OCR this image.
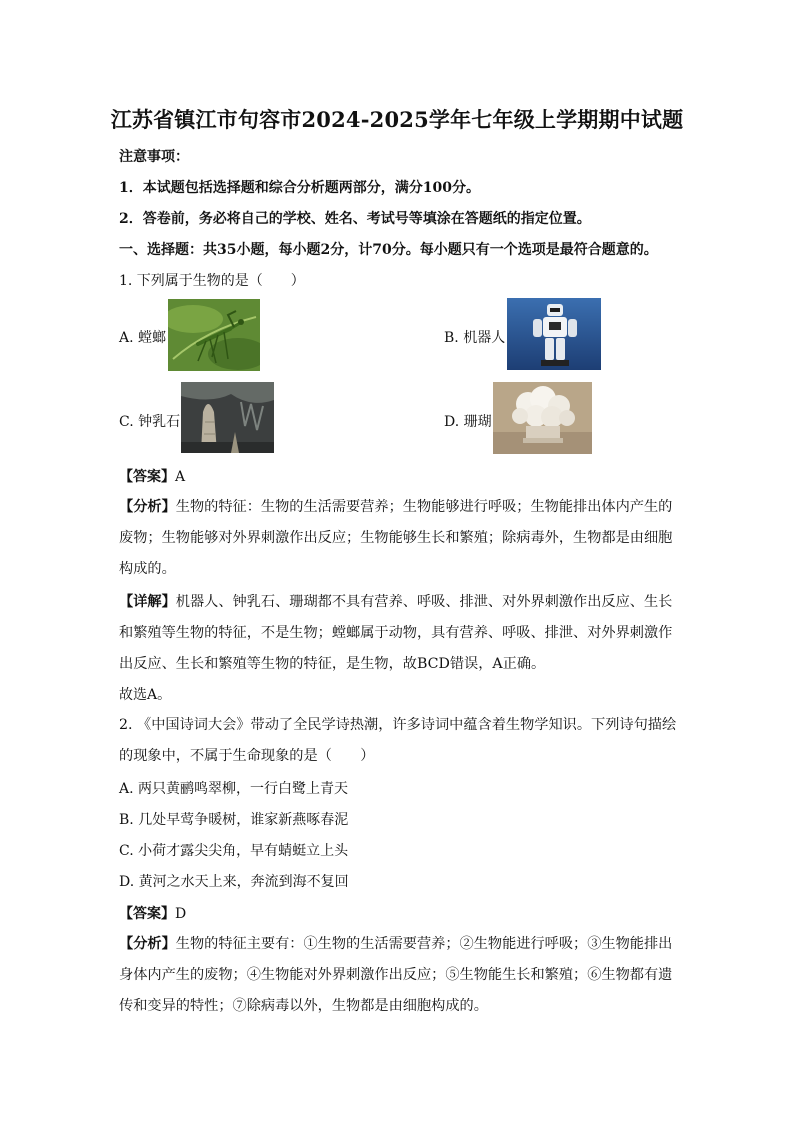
江苏省镇江市句容市2024-2025学年七年级上学期期中试题
注意事项：
1．本试题包括选择题和综合分析题两部分，满分100分。
2．答卷前，务必将自己的学校、姓名、考试号等填涂在答题纸的指定位置。
一、选择题：共35小题，每小题2分，计70分。每小题只有一个选项是最符合题意的。
1. 下列属于生物的是（　　）
A. 螳螂	B. 机器人
C. 钟乳石	D. 珊瑚
【答案】A
【分析】生物的特征：生物的生活需要营养；生物能够进行呼吸；生物能排出体内产生的
废物；生物能够对外界刺激作出反应；生物能够生长和繁殖；除病毒外，生物都是由细胞
构成的。
【详解】机器人、钟乳石、珊瑚都不具有营养、呼吸、排泄、对外界刺激作出反应、生长
和繁殖等生物的特征，不是生物；螳螂属于动物，具有营养、呼吸、排泄、对外界刺激作
出反应、生长和繁殖等生物的特征，是生物，故BCD错误，A正确。
故选A。
2. 《中国诗词大会》带动了全民学诗热潮，许多诗词中蕴含着生物学知识。下列诗句描绘
的现象中，不属于生命现象的是（　　）
A. 两只黄鹂鸣翠柳，一行白鹭上青天
B. 几处早莺争暖树，谁家新燕啄春泥
C. 小荷才露尖尖角，早有蜻蜓立上头
D. 黄河之水天上来，奔流到海不复回
【答案】D
【分析】生物的特征主要有：①生物的生活需要营养；②生物能进行呼吸；③生物能排出
身体内产生的废物；④生物能对外界刺激作出反应；⑤生物能生长和繁殖；⑥生物都有遗
传和变异的特性；⑦除病毒以外，生物都是由细胞构成的。
